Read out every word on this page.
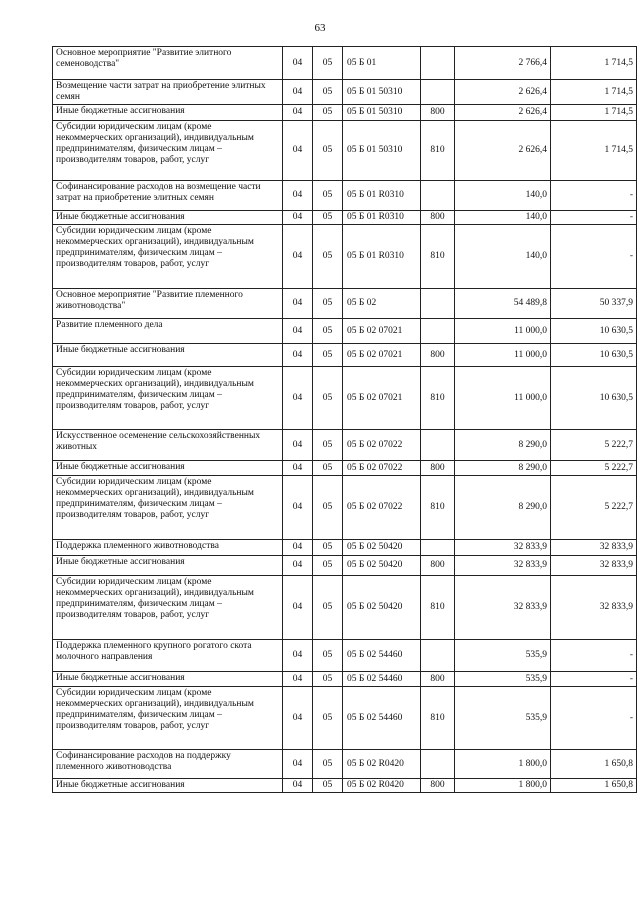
63
Основное мероприятие "Развитие элитного семеноводства"	04	05	05 Б 01		2 766,4	1 714,5
Возмещение части затрат на приобретение элитных семян	04	05	05 Б 01 50310		2 626,4	1 714,5
Иные бюджетные ассигнования	04	05	05 Б 01 50310	800	2 626,4	1 714,5
Субсидии юридическим лицам (кроме некоммерческих организаций), индивидуальным предпринимателям, физическим лицам – производителям товаров, работ, услуг	04	05	05 Б 01 50310	810	2 626,4	1 714,5
Софинансирование расходов на возмещение части затрат на приобретение элитных семян	04	05	05 Б 01 R0310		140,0	-
Иные бюджетные ассигнования	04	05	05 Б 01 R0310	800	140,0	-
Субсидии юридическим лицам (кроме некоммерческих организаций), индивидуальным предпринимателям, физическим лицам – производителям товаров, работ, услуг	04	05	05 Б 01 R0310	810	140,0	-
Основное мероприятие "Развитие племенного животноводства"	04	05	05 Б 02		54 489,8	50 337,9
Развитие племенного дела	04	05	05 Б 02 07021		11 000,0	10 630,5
Иные бюджетные ассигнования	04	05	05 Б 02 07021	800	11 000,0	10 630,5
Субсидии юридическим лицам (кроме некоммерческих организаций), индивидуальным предпринимателям, физическим лицам – производителям товаров, работ, услуг	04	05	05 Б 02 07021	810	11 000,0	10 630,5
Искусственное осеменение сельскохозяйственных животных	04	05	05 Б 02 07022		8 290,0	5 222,7
Иные бюджетные ассигнования	04	05	05 Б 02 07022	800	8 290,0	5 222,7
Субсидии юридическим лицам (кроме некоммерческих организаций), индивидуальным предпринимателям, физическим лицам – производителям товаров, работ, услуг	04	05	05 Б 02 07022	810	8 290,0	5 222,7
Поддержка племенного животноводства	04	05	05 Б 02 50420		32 833,9	32 833,9
Иные бюджетные ассигнования	04	05	05 Б 02 50420	800	32 833,9	32 833,9
Субсидии юридическим лицам (кроме некоммерческих организаций), индивидуальным предпринимателям, физическим лицам – производителям товаров, работ, услуг	04	05	05 Б 02 50420	810	32 833,9	32 833,9
Поддержка племенного крупного рогатого скота молочного направления	04	05	05 Б 02 54460		535,9	-
Иные бюджетные ассигнования	04	05	05 Б 02 54460	800	535,9	-
Субсидии юридическим лицам (кроме некоммерческих организаций), индивидуальным предпринимателям, физическим лицам – производителям товаров, работ, услуг	04	05	05 Б 02 54460	810	535,9	-
Софинансирование расходов на поддержку племенного животноводства	04	05	05 Б 02 R0420		1 800,0	1 650,8
Иные бюджетные ассигнования	04	05	05 Б 02 R0420	800	1 800,0	1 650,8
